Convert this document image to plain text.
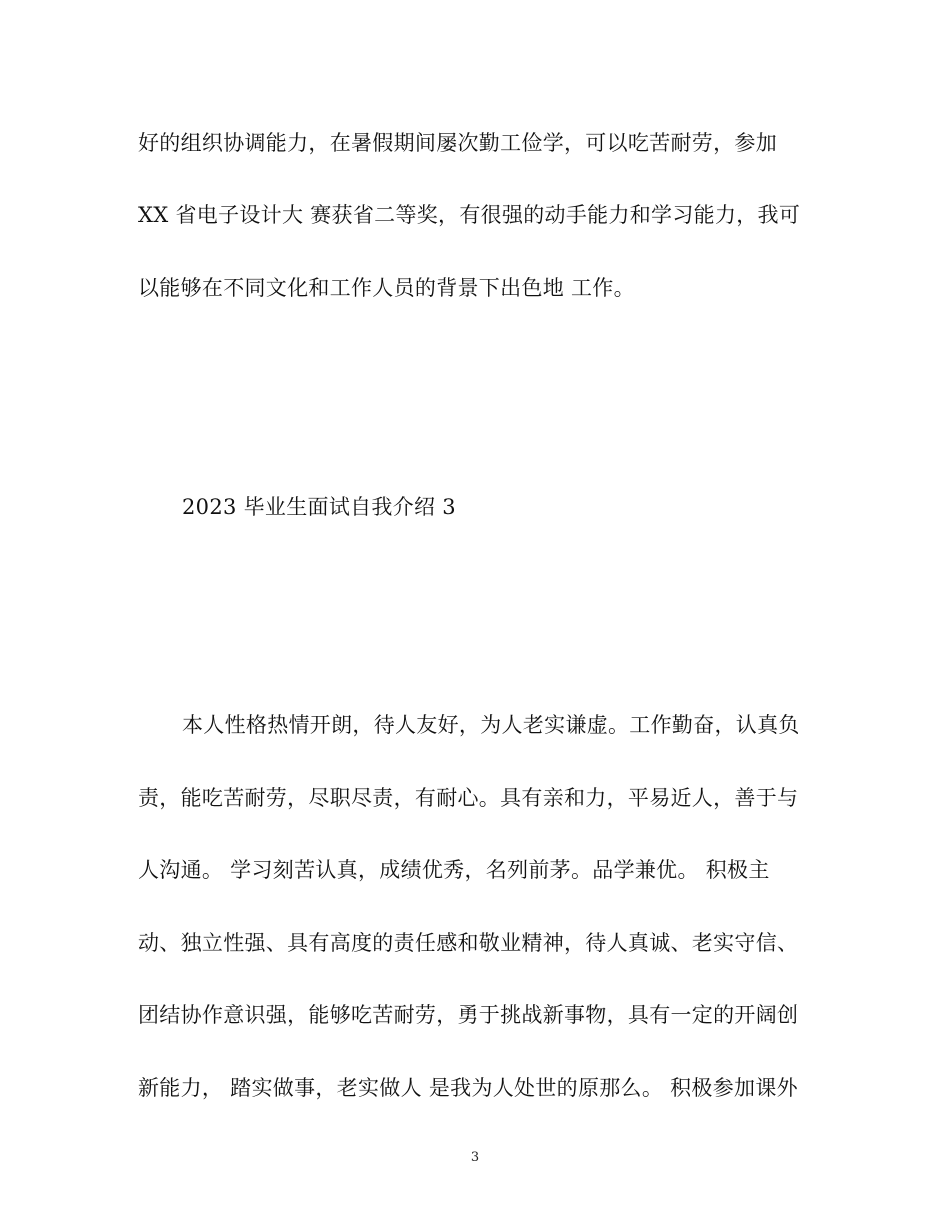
好的组织协调能力，在暑假期间屡次勤工俭学，可以吃苦耐劳，参加
XX 省电子设计大 赛获省二等奖，有很强的动手能力和学习能力，我可
以能够在不同文化和工作人员的背景下出色地 工作。
2023 毕业生面试自我介绍 3
本人性格热情开朗，待人友好，为人老实谦虚。工作勤奋，认真负
责，能吃苦耐劳，尽职尽责，有耐心。具有亲和力，平易近人，善于与
人沟通。 学习刻苦认真，成绩优秀，名列前茅。品学兼优。 积极主
动、独立性强、具有高度的责任感和敬业精神，待人真诚、老实守信、
团结协作意识强，能够吃苦耐劳，勇于挑战新事物，具有一定的开阔创
新能力， 踏实做事，老实做人 是我为人处世的原那么。 积极参加课外
3
